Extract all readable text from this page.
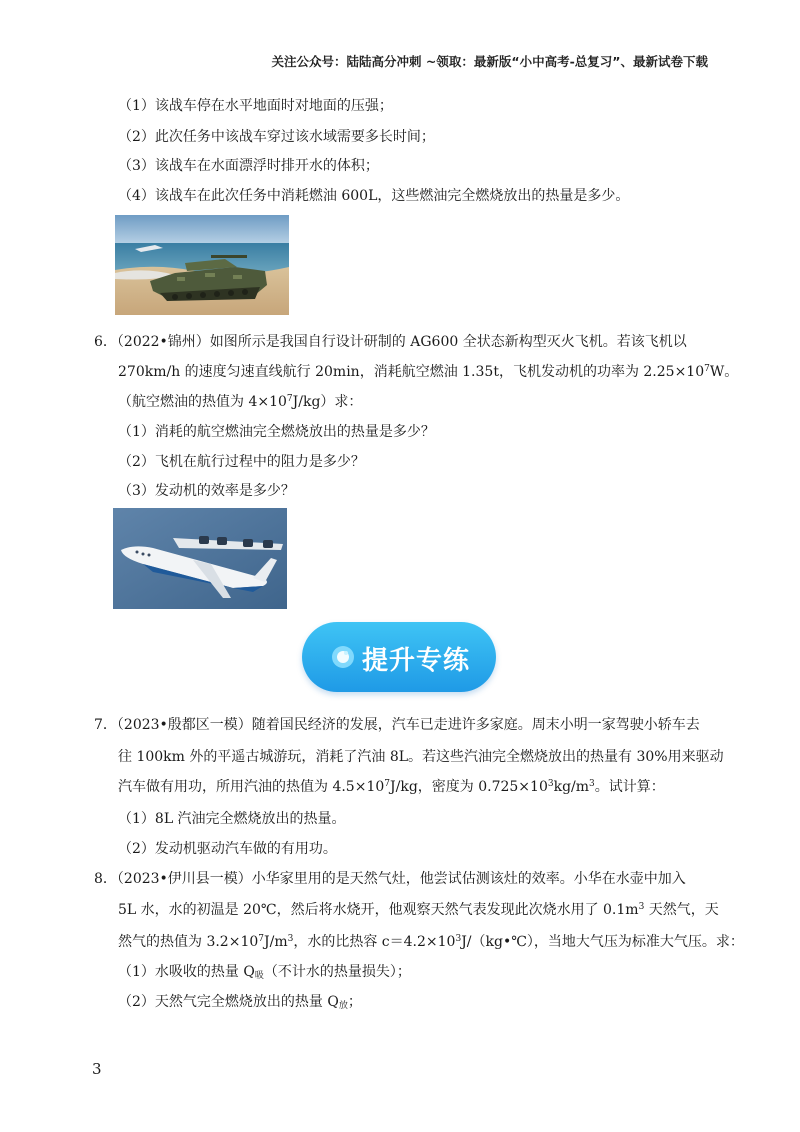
关注公众号：陆陆高分冲刺 ~领取：最新版“小中高考-总复习”、最新试卷下载
（1）该战车停在水平地面时对地面的压强；
（2）此次任务中该战车穿过该水域需要多长时间；
（3）该战车在水面漂浮时排开水的体积；
（4）该战车在此次任务中消耗燃油 600L，这些燃油完全燃烧放出的热量是多少。
6．（2022•锦州）如图所示是我国自行设计研制的 AG600 全状态新构型灭火飞机。若该飞机以
270km/h 的速度匀速直线航行 20min，消耗航空燃油 1.35t，飞机发动机的功率为 $2.25\times 10^7W$。
（航空燃油的热值为 $4\times 10^7J/kg$）求：
（1）消耗的航空燃油完全燃烧放出的热量是多少？
（2）飞机在航行过程中的阻力是多少？
（3）发动机的效率是多少？
提升专练
7．（2023•殷都区一模）随着国民经济的发展，汽车已走进许多家庭。周末小明一家驾驶小轿车去
往 100km 外的平遥古城游玩，消耗了汽油 8L。若这些汽油完全燃烧放出的热量有 30%用来驱动
汽车做有用功，所用汽油的热值为 $4.5\times 10^7J/kg$，密度为 $0.725\times 10^3kg/m^3$。试计算：
（1）8L 汽油完全燃烧放出的热量。
（2）发动机驱动汽车做的有用功。
8．（2023•伊川县一模）小华家里用的是天然气灶，他尝试估测该灶的效率。小华在水壶中加入
5L 水，水的初温是 20℃，然后将水烧开，他观察天然气表发现此次烧水用了 $0.1m^3$ 天然气，天
然气的热值为 $3.2\times 10^7J/m^3$，水的比热容 $c=4.2\times 10^3J/(kg•℃)$，当地大气压为标准大气压。求：
（1）水吸收的热量 $Q_吸$（不计水的热量损失）；
（2）天然气完全燃烧放出的热量 $Q_放$；
3
